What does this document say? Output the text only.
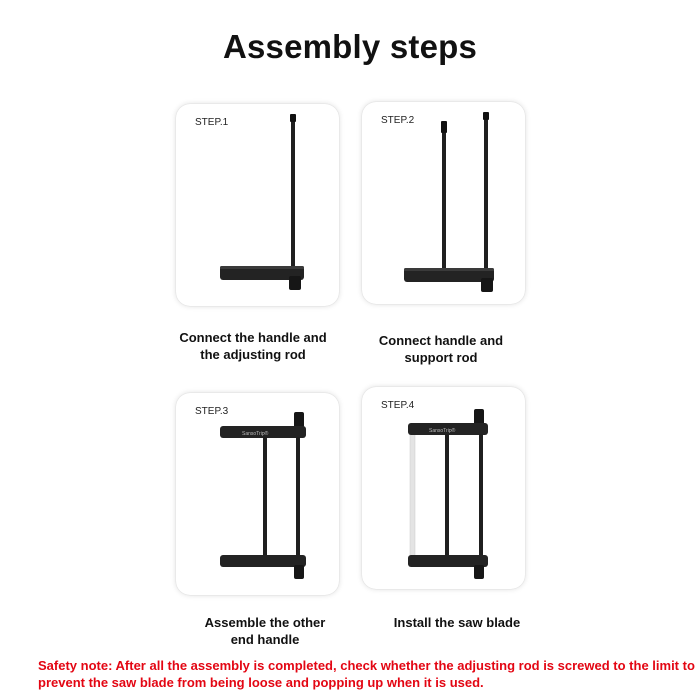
Assembly steps
STEP.1	STEP.2
STEP.3
SansoTrip®
STEP.4
SansoTrip®
Connect the handle and
the adjusting rod
Connect handle and
support rod
Assemble the other
end handle
Install the saw blade
Safety note: After all the assembly is completed, check whether the adjusting rod is screwed to the limit to prevent the saw blade from being loose and popping up when it is used.
